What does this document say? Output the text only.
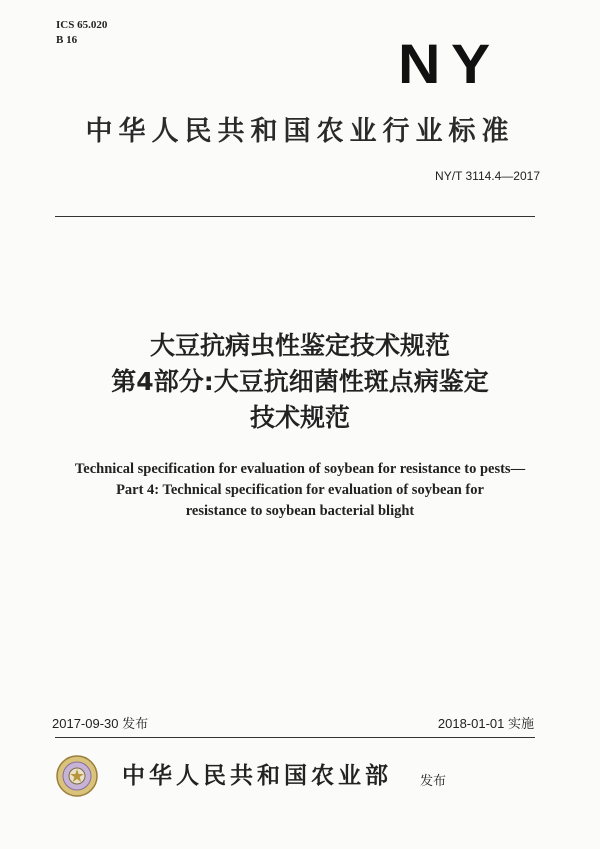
ICS 65.020
B 16	NY
中华人民共和国农业行业标准
NY/T 3114.4—2017
大豆抗病虫性鉴定技术规范
第4部分:大豆抗细菌性斑点病鉴定
技术规范
Technical specification for evaluation of soybean for resistance to pests—
Part 4: Technical specification for evaluation of soybean for
resistance to soybean bacterial blight
2017-09-30 发布	2018-01-01 实施
中华人民共和国农业部 发布
